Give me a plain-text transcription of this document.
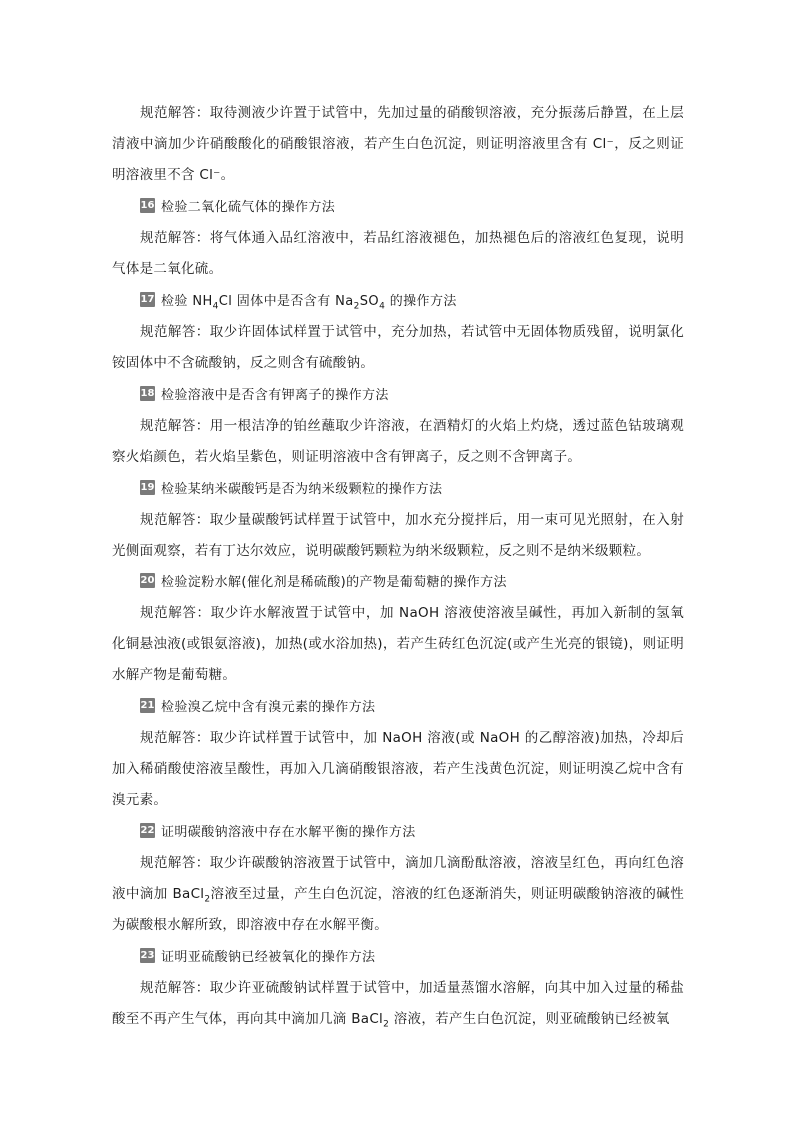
规范解答：取待测液少许置于试管中，先加过量的硝酸钡溶液，充分振荡后静置，在上层清液中滴加少许硝酸酸化的硝酸银溶液，若产生白色沉淀，则证明溶液里含有 Cl⁻，反之则证明溶液里不含 Cl⁻。

16 检验二氧化硫气体的操作方法

规范解答：将气体通入品红溶液中，若品红溶液褪色，加热褪色后的溶液红色复现，说明气体是二氧化硫。

17 检验 $NH_4Cl$ 固体中是否含有 $Na_2SO_4$ 的操作方法

规范解答：取少许固体试样置于试管中，充分加热，若试管中无固体物质残留，说明氯化铵固体中不含硫酸钠，反之则含有硫酸钠。

18 检验溶液中是否含有钾离子的操作方法

规范解答：用一根洁净的铂丝蘸取少许溶液，在酒精灯的火焰上灼烧，透过蓝色钴玻璃观察火焰颜色，若火焰呈紫色，则证明溶液中含有钾离子，反之则不含钾离子。

19 检验某纳米碳酸钙是否为纳米级颗粒的操作方法

规范解答：取少量碳酸钙试样置于试管中，加水充分搅拌后，用一束可见光照射，在入射光侧面观察，若有丁达尔效应，说明碳酸钙颗粒为纳米级颗粒，反之则不是纳米级颗粒。

20 检验淀粉水解(催化剂是稀硫酸)的产物是葡萄糖的操作方法

规范解答：取少许水解液置于试管中，加 NaOH 溶液使溶液呈碱性，再加入新制的氢氧化铜悬浊液(或银氨溶液)，加热(或水浴加热)，若产生砖红色沉淀(或产生光亮的银镜)，则证明水解产物是葡萄糖。

21 检验溴乙烷中含有溴元素的操作方法

规范解答：取少许试样置于试管中，加 NaOH 溶液(或 NaOH 的乙醇溶液)加热，冷却后加入稀硝酸使溶液呈酸性，再加入几滴硝酸银溶液，若产生浅黄色沉淀，则证明溴乙烷中含有溴元素。

22 证明碳酸钠溶液中存在水解平衡的操作方法

规范解答：取少许碳酸钠溶液置于试管中，滴加几滴酚酞溶液，溶液呈红色，再向红色溶液中滴加 BaCl$_2$溶液至过量，产生白色沉淀，溶液的红色逐渐消失，则证明碳酸钠溶液的碱性为碳酸根水解所致，即溶液中存在水解平衡。

23 证明亚硫酸钠已经被氧化的操作方法

规范解答：取少许亚硫酸钠试样置于试管中，加适量蒸馏水溶解，向其中加入过量的稀盐酸至不再产生气体，再向其中滴加几滴 BaCl$_2$ 溶液，若产生白色沉淀，则亚硫酸钠已经被氧
